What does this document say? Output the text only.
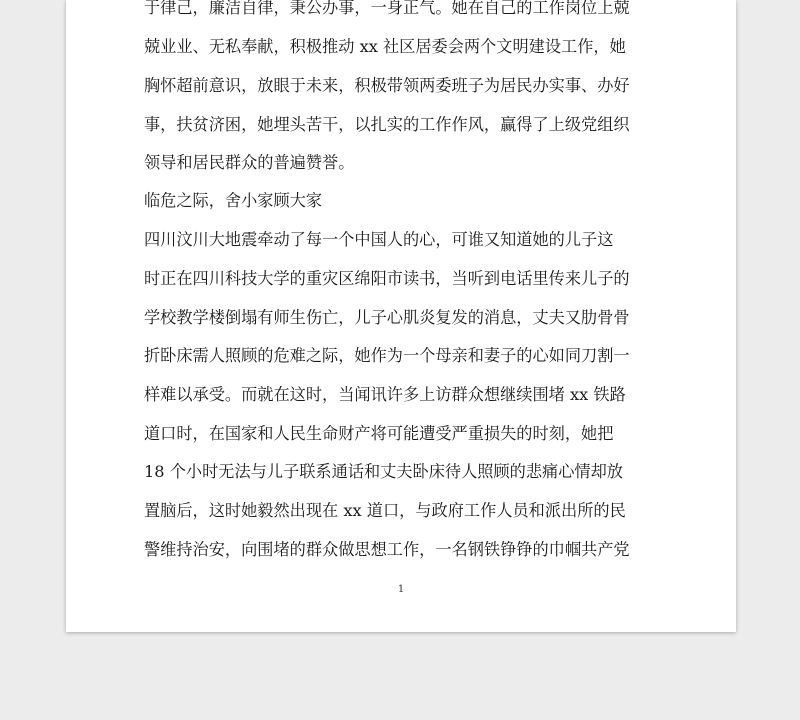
于律己，廉洁自律，秉公办事，一身正气。她在自己的工作岗位上兢
兢业业、无私奉献，积极推动 xx 社区居委会两个文明建设工作，她
胸怀超前意识，放眼于未来，积极带领两委班子为居民办实事、办好
事，扶贫济困，她埋头苦干，以扎实的工作作风，赢得了上级党组织
领导和居民群众的普遍赞誉。
临危之际，舍小家顾大家
四川汶川大地震牵动了每一个中国人的心，可谁又知道她的儿子这
时正在四川科技大学的重灾区绵阳市读书，当听到电话里传来儿子的
学校教学楼倒塌有师生伤亡，儿子心肌炎复发的消息，丈夫又肋骨骨
折卧床需人照顾的危难之际，她作为一个母亲和妻子的心如同刀割一
样难以承受。而就在这时，当闻讯许多上访群众想继续围堵 xx 铁路
道口时，在国家和人民生命财产将可能遭受严重损失的时刻，她把
18 个小时无法与儿子联系通话和丈夫卧床待人照顾的悲痛心情却放
置脑后，这时她毅然出现在 xx 道口，与政府工作人员和派出所的民
警维持治安，向围堵的群众做思想工作，一名钢铁铮铮的巾帼共产党
1
